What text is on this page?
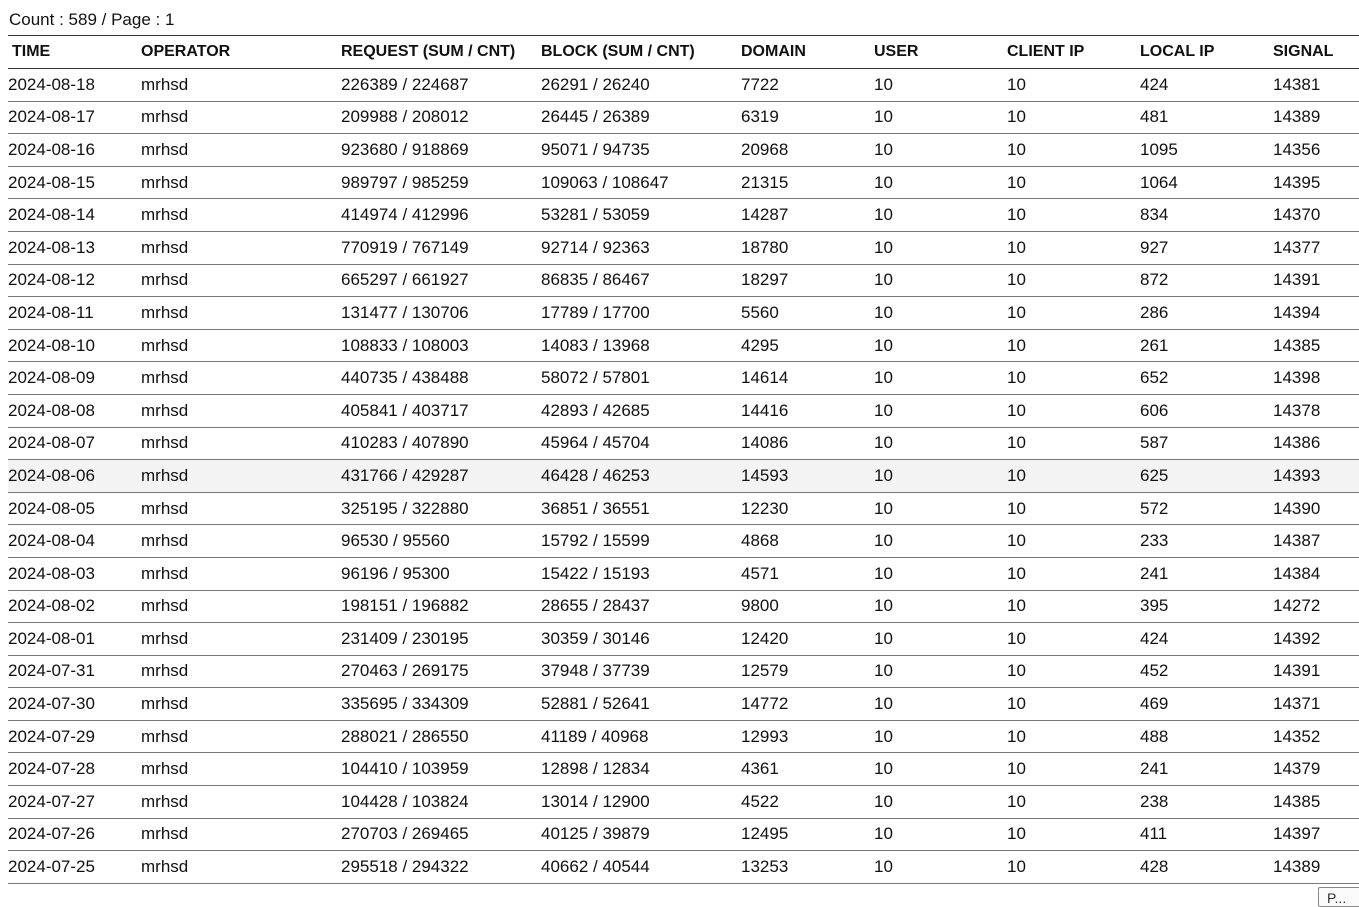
Count : 589 / Page : 1
TIME	OPERATOR	REQUEST (SUM / CNT)	BLOCK (SUM / CNT)	DOMAIN	USER	CLIENT IP	LOCAL IP	SIGNAL
2024-08-18	mrhsd	226389 / 224687	26291 / 26240	7722	10	10	424	14381
2024-08-17	mrhsd	209988 / 208012	26445 / 26389	6319	10	10	481	14389
2024-08-16	mrhsd	923680 / 918869	95071 / 94735	20968	10	10	1095	14356
2024-08-15	mrhsd	989797 / 985259	109063 / 108647	21315	10	10	1064	14395
2024-08-14	mrhsd	414974 / 412996	53281 / 53059	14287	10	10	834	14370
2024-08-13	mrhsd	770919 / 767149	92714 / 92363	18780	10	10	927	14377
2024-08-12	mrhsd	665297 / 661927	86835 / 86467	18297	10	10	872	14391
2024-08-11	mrhsd	131477 / 130706	17789 / 17700	5560	10	10	286	14394
2024-08-10	mrhsd	108833 / 108003	14083 / 13968	4295	10	10	261	14385
2024-08-09	mrhsd	440735 / 438488	58072 / 57801	14614	10	10	652	14398
2024-08-08	mrhsd	405841 / 403717	42893 / 42685	14416	10	10	606	14378
2024-08-07	mrhsd	410283 / 407890	45964 / 45704	14086	10	10	587	14386
2024-08-06	mrhsd	431766 / 429287	46428 / 46253	14593	10	10	625	14393
2024-08-05	mrhsd	325195 / 322880	36851 / 36551	12230	10	10	572	14390
2024-08-04	mrhsd	96530 / 95560	15792 / 15599	4868	10	10	233	14387
2024-08-03	mrhsd	96196 / 95300	15422 / 15193	4571	10	10	241	14384
2024-08-02	mrhsd	198151 / 196882	28655 / 28437	9800	10	10	395	14272
2024-08-01	mrhsd	231409 / 230195	30359 / 30146	12420	10	10	424	14392
2024-07-31	mrhsd	270463 / 269175	37948 / 37739	12579	10	10	452	14391
2024-07-30	mrhsd	335695 / 334309	52881 / 52641	14772	10	10	469	14371
2024-07-29	mrhsd	288021 / 286550	41189 / 40968	12993	10	10	488	14352
2024-07-28	mrhsd	104410 / 103959	12898 / 12834	4361	10	10	241	14379
2024-07-27	mrhsd	104428 / 103824	13014 / 12900	4522	10	10	238	14385
2024-07-26	mrhsd	270703 / 269465	40125 / 39879	12495	10	10	411	14397
2024-07-25	mrhsd	295518 / 294322	40662 / 40544	13253	10	10	428	14389
P...
